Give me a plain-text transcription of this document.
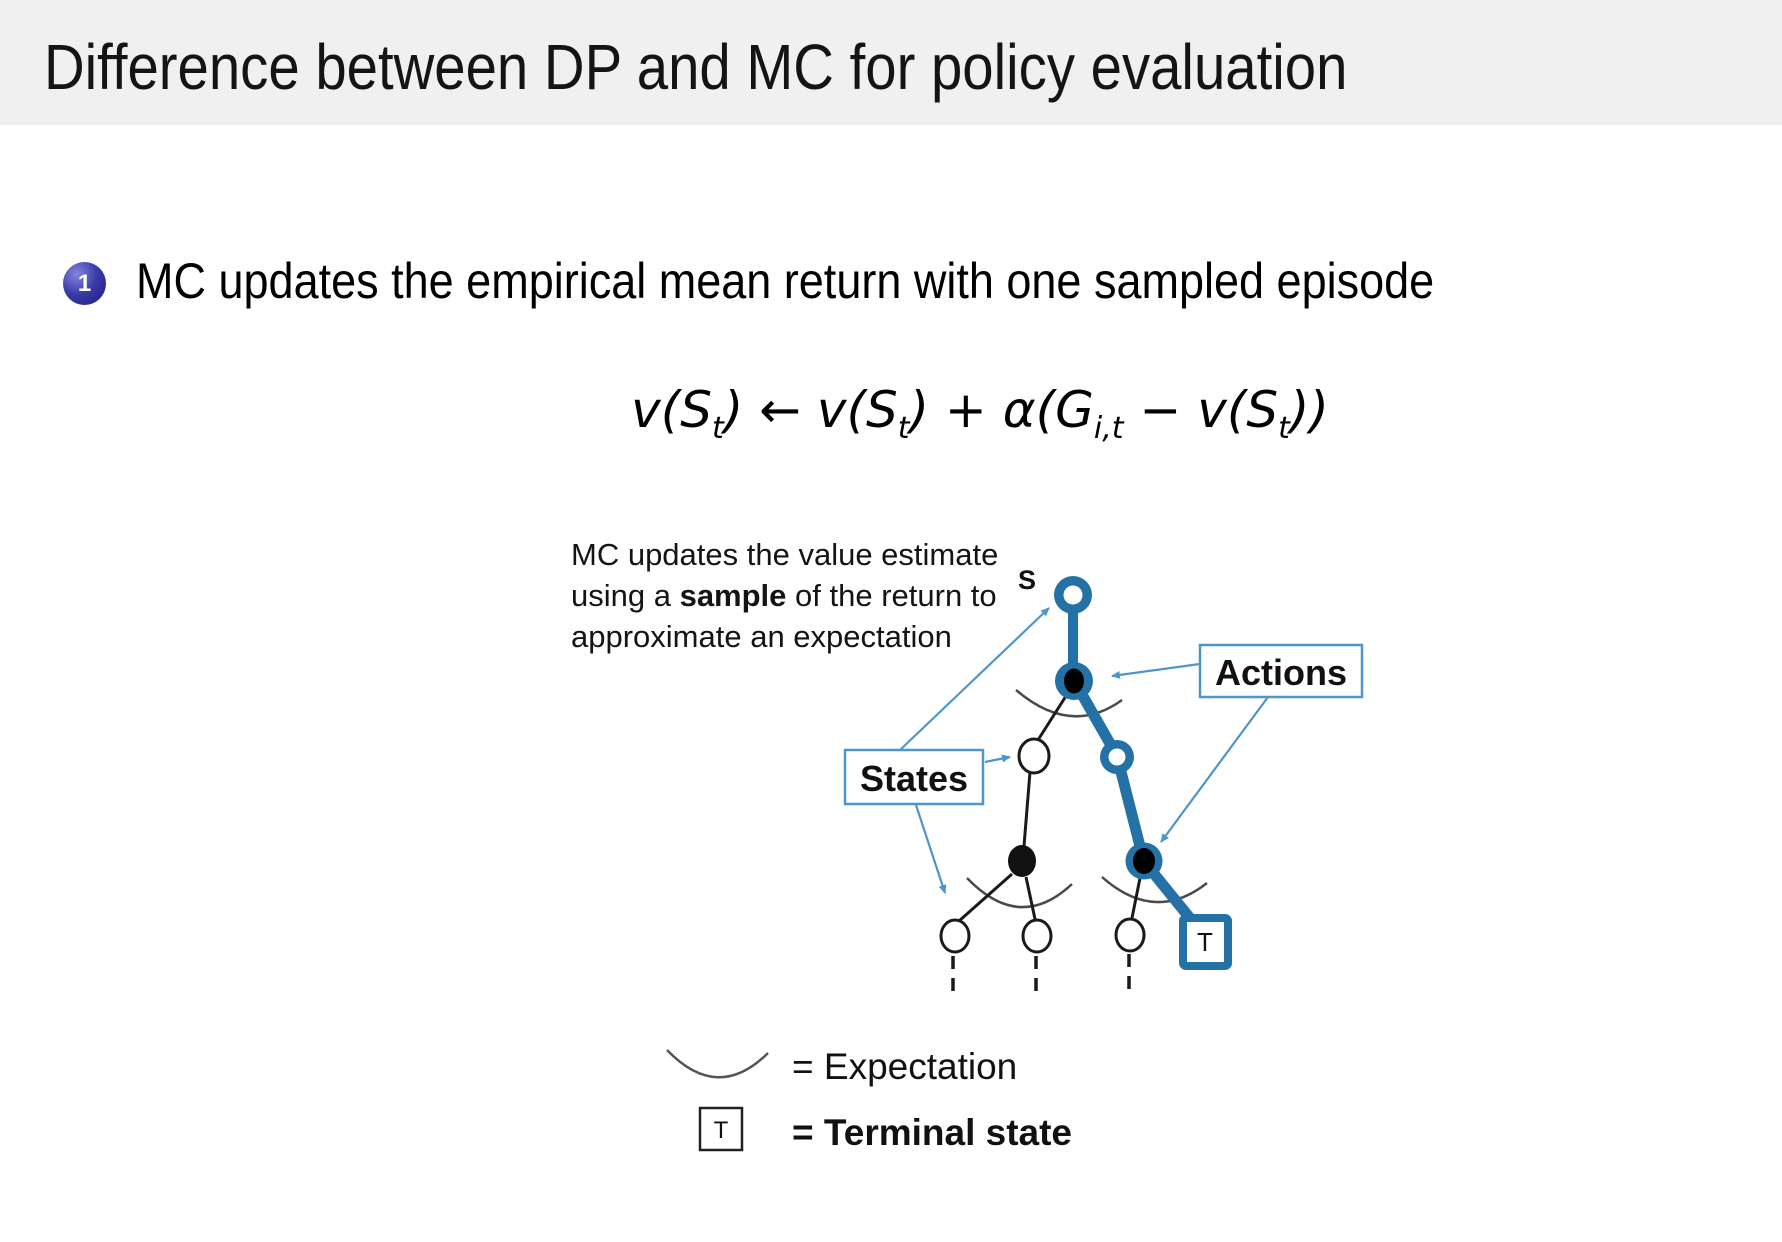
Difference between DP and MC for policy evaluation
1 MC updates the empirical mean return with one sampled episode
$v(S_t)$ ← $v(S_t) + \alpha(G_{i,t} - v(S_t))$
MC updates the value estimate
using a sample of the return to
approximate an expectation
T
S
States
Actions
= Expectation
T = Terminal state
